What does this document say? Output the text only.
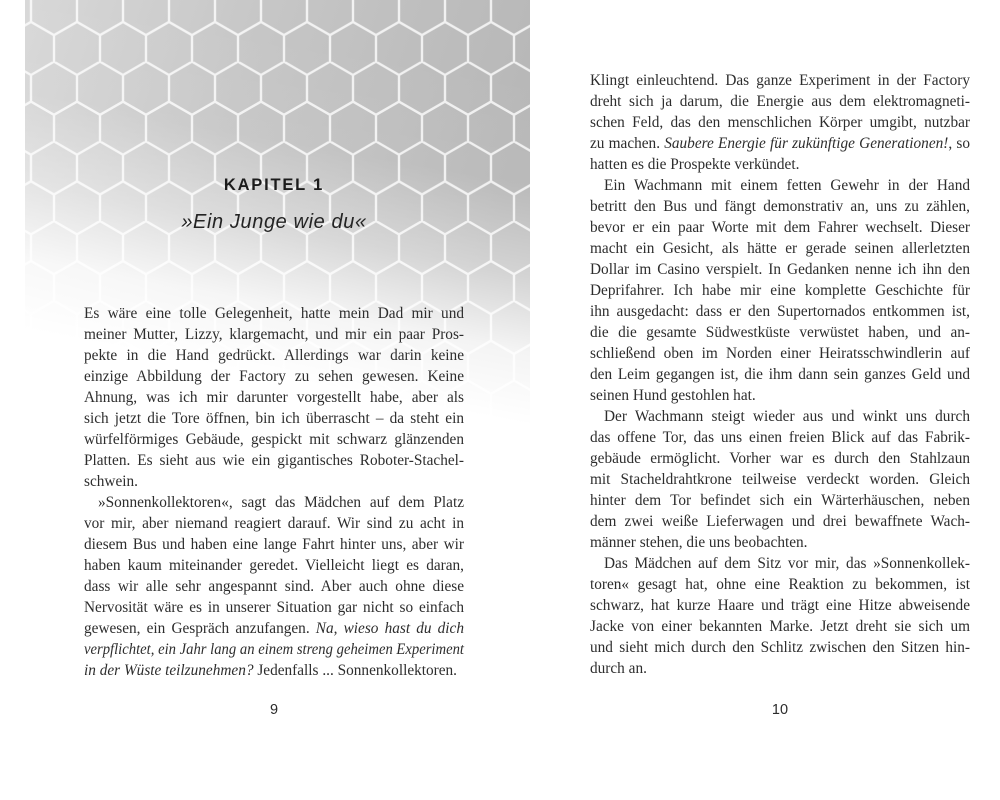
KAPITEL 1
»Ein Junge wie du«
Es wäre eine tolle Gelegenheit, hatte mein Dad mir und
meiner Mutter, Lizzy, klargemacht, und mir ein paar Pros-
pekte in die Hand gedrückt. Allerdings war darin keine
einzige Abbildung der Factory zu sehen gewesen. Keine
Ahnung, was ich mir darunter vorgestellt habe, aber als
sich jetzt die Tore öffnen, bin ich überrascht – da steht ein
würfelförmiges Gebäude, gespickt mit schwarz glänzenden
Platten. Es sieht aus wie ein gigantisches Roboter-Stachel-
schwein.
»Sonnenkollektoren«, sagt das Mädchen auf dem Platz
vor mir, aber niemand reagiert darauf. Wir sind zu acht in
diesem Bus und haben eine lange Fahrt hinter uns, aber wir
haben kaum miteinander geredet. Vielleicht liegt es daran,
dass wir alle sehr angespannt sind. Aber auch ohne diese
Nervosität wäre es in unserer Situation gar nicht so einfach
gewesen, ein Gespräch anzufangen. Na, wieso hast du dich
verpflichtet, ein Jahr lang an einem streng geheimen Experiment
in der Wüste teilzunehmen? Jedenfalls ... Sonnenkollektoren.
9
Klingt einleuchtend. Das ganze Experiment in der Factory
dreht sich ja darum, die Energie aus dem elektromagneti-
schen Feld, das den menschlichen Körper umgibt, nutzbar
zu machen. Saubere Energie für zukünftige Generationen!, so
hatten es die Prospekte verkündet.
Ein Wachmann mit einem fetten Gewehr in der Hand
betritt den Bus und fängt demonstrativ an, uns zu zählen,
bevor er ein paar Worte mit dem Fahrer wechselt. Dieser
macht ein Gesicht, als hätte er gerade seinen allerletzten
Dollar im Casino verspielt. In Gedanken nenne ich ihn den
Deprifahrer. Ich habe mir eine komplette Geschichte für
ihn ausgedacht: dass er den Supertornados entkommen ist,
die die gesamte Südwestküste verwüstet haben, und an-
schließend oben im Norden einer Heiratsschwindlerin auf
den Leim gegangen ist, die ihm dann sein ganzes Geld und
seinen Hund gestohlen hat.
Der Wachmann steigt wieder aus und winkt uns durch
das offene Tor, das uns einen freien Blick auf das Fabrik-
gebäude ermöglicht. Vorher war es durch den Stahlzaun
mit Stacheldrahtkrone teilweise verdeckt worden. Gleich
hinter dem Tor befindet sich ein Wärterhäuschen, neben
dem zwei weiße Lieferwagen und drei bewaffnete Wach-
männer stehen, die uns beobachten.
Das Mädchen auf dem Sitz vor mir, das »Sonnenkollek-
toren« gesagt hat, ohne eine Reaktion zu bekommen, ist
schwarz, hat kurze Haare und trägt eine Hitze abweisende
Jacke von einer bekannten Marke. Jetzt dreht sie sich um
und sieht mich durch den Schlitz zwischen den Sitzen hin-
durch an.
10
